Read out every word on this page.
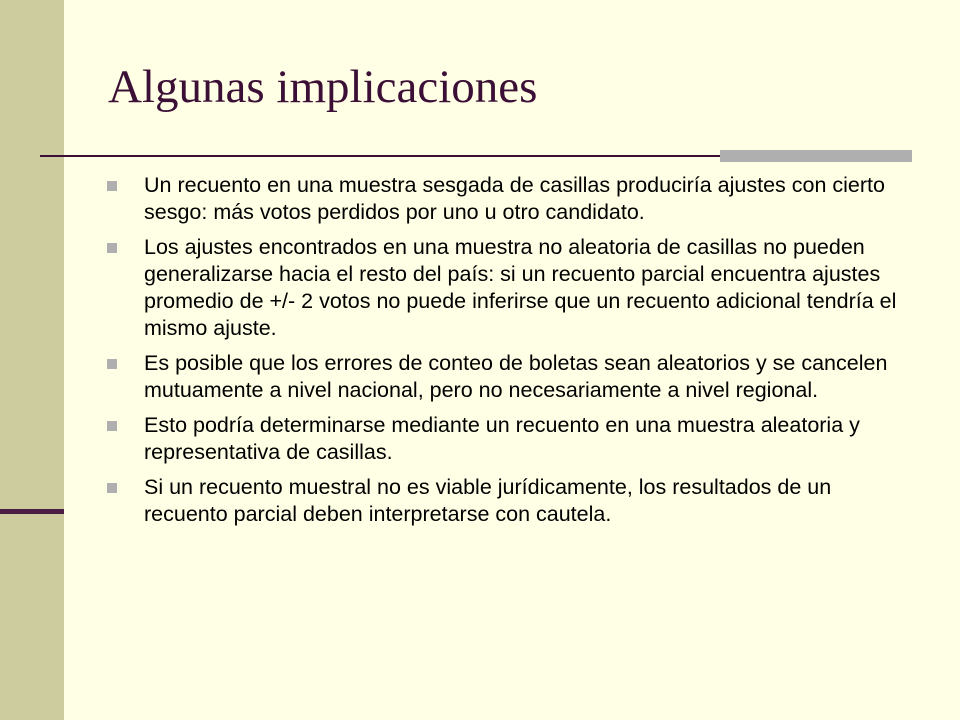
Algunas implicaciones
Un recuento en una muestra sesgada de casillas produciría ajustes con cierto sesgo: más votos perdidos por uno u otro candidato.
Los ajustes encontrados en una muestra no aleatoria de casillas no pueden generalizarse hacia el resto del país: si un recuento parcial encuentra ajustes promedio de +/- 2 votos no puede inferirse que un recuento adicional tendría el mismo ajuste.
Es posible que los errores de conteo de boletas sean aleatorios y se cancelen mutuamente a nivel nacional, pero no necesariamente a nivel regional.
Esto podría determinarse mediante un recuento en una muestra aleatoria y representativa de casillas.
Si un recuento muestral no es viable jurídicamente, los resultados de un recuento parcial deben interpretarse con cautela.
